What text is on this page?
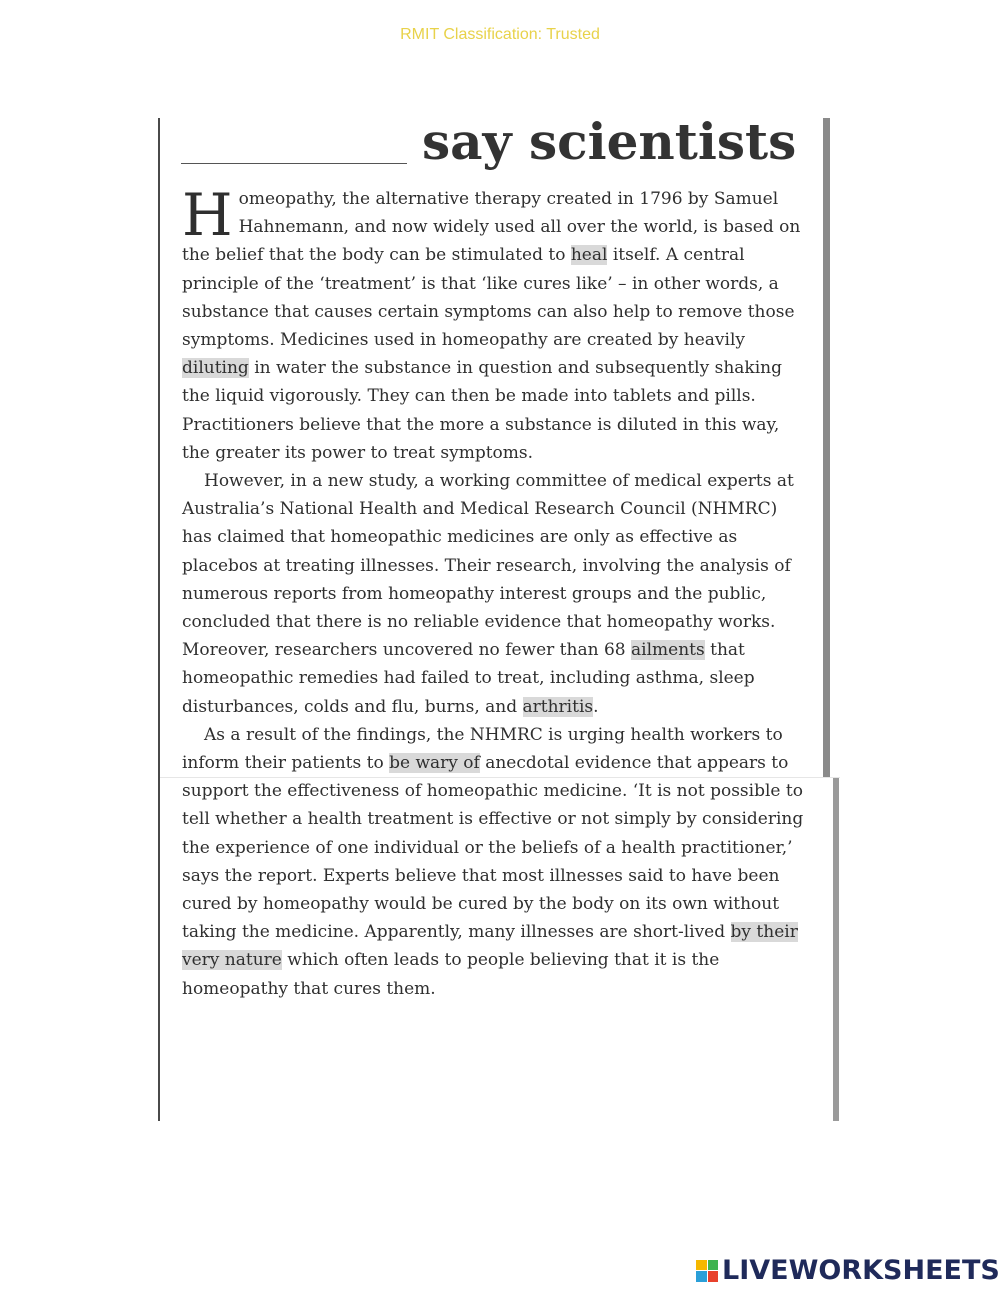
RMIT Classification: Trusted
say scientists

H omeopathy, the alternative therapy created in 1796 by Samuel Hahnemann, and now widely used all over the world, is based on the belief that the body can be stimulated to heal itself. A central principle of the ‘treatment’ is that ‘like cures like’ – in other words, a substance that causes certain symptoms can also help to remove those symptoms. Medicines used in homeopathy are created by heavily diluting in water the substance in question and subsequently shaking the liquid vigorously. They can then be made into tablets and pills. Practitioners believe that the more a substance is diluted in this way, the greater its power to treat symptoms.

However, in a new study, a working committee of medical experts at Australia’s National Health and Medical Research Council (NHMRC) has claimed that homeopathic medicines are only as effective as placebos at treating illnesses. Their research, involving the analysis of numerous reports from homeopathy interest groups and the public, concluded that there is no reliable evidence that homeopathy works. Moreover, researchers uncovered no fewer than 68 ailments that homeopathic remedies had failed to treat, including asthma, sleep disturbances, colds and flu, burns, and arthritis.

As a result of the findings, the NHMRC is urging health workers to inform their patients to be wary of anecdotal evidence that appears to support the effectiveness of homeopathic medicine. ‘It is not possible to tell whether a health treatment is effective or not simply by considering the experience of one individual or the beliefs of a health practitioner,’ says the report. Experts believe that most illnesses said to have been cured by homeopathy would be cured by the body on its own without taking the medicine. Apparently, many illnesses are short-lived by their very nature which often leads to people believing that it is the homeopathy that cures them.

LIVEWORKSHEETS
